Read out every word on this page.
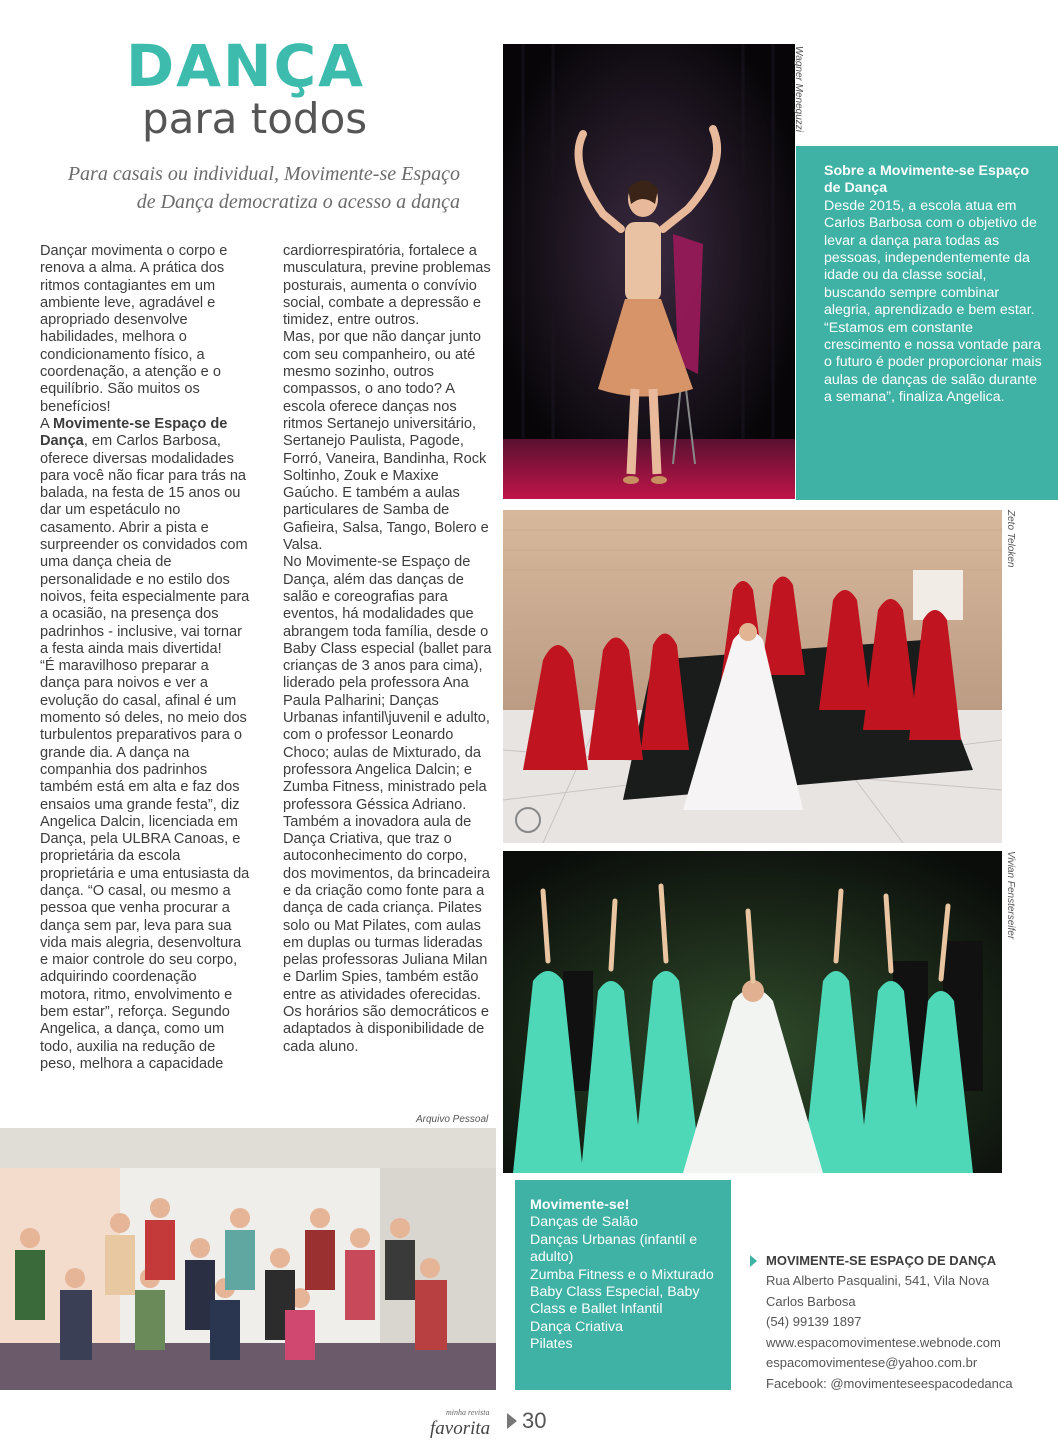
DANÇA
para todos
Para casais ou individual, Movimente-se Espaço de Dança democratiza o acesso a dança

Dançar movimenta o corpo e renova a alma. A prática dos ritmos contagiantes em um ambiente leve, agradável e apropriado desenvolve habilidades, melhora o condicionamento físico, a coordenação, a atenção e o equilíbrio. São muitos os benefícios!

A Movimente-se Espaço de Dança, em Carlos Barbosa, oferece diversas modalidades para você não ficar para trás na balada, na festa de 15 anos ou dar um espetáculo no casamento. Abrir a pista e surpreender os convidados com uma dança cheia de personalidade e no estilo dos noivos, feita especialmente para a ocasião, na presença dos padrinhos - inclusive, vai tornar a festa ainda mais divertida!

“É maravilhoso preparar a dança para noivos e ver a evolução do casal, afinal é um momento só deles, no meio dos turbulentos preparativos para o grande dia. A dança na companhia dos padrinhos também está em alta e faz dos ensaios uma grande festa”, diz Angelica Dalcin, licenciada em Dança, pela ULBRA Canoas, e proprietária da escola proprietária e uma entusiasta da dança. “O casal, ou mesmo a pessoa que venha procurar a dança sem par, leva para sua vida mais alegria, desenvoltura e maior controle do seu corpo, adquirindo coordenação motora, ritmo, envolvimento e bem estar”, reforça. Segundo Angelica, a dança, como um todo, auxilia na redução de peso, melhora a capacidade

cardiorrespiratória, fortalece a musculatura, previne problemas posturais, aumenta o convívio social, combate a depressão e timidez, entre outros.

Mas, por que não dançar junto com seu companheiro, ou até mesmo sozinho, outros compassos, o ano todo? A escola oferece danças nos ritmos Sertanejo universitário, Sertanejo Paulista, Pagode, Forró, Vaneira, Bandinha, Rock Soltinho, Zouk e Maxixe Gaúcho. E também a aulas particulares de Samba de Gafieira, Salsa, Tango, Bolero e Valsa.

No Movimente-se Espaço de Dança, além das danças de salão e coreografias para eventos, há modalidades que abrangem toda família, desde o Baby Class especial (ballet para crianças de 3 anos para cima), liderado pela professora Ana Paula Palharini; Danças Urbanas infantil\juvenil e adulto, com o professor Leonardo Choco; aulas de Mixturado, da professora Angelica Dalcin; e Zumba Fitness, ministrado pela professora Géssica Adriano. Também a inovadora aula de Dança Criativa, que traz o autoconhecimento do corpo, dos movimentos, da brincadeira e da criação como fonte para a dança de cada criança. Pilates solo ou Mat Pilates, com aulas em duplas ou turmas lideradas pelas professoras Juliana Milan e Darlim Spies, também estão entre as atividades oferecidas. Os horários são democráticos e adaptados à disponibilidade de cada aluno.

Wagner Meneguzzi
Sobre a Movimente-se Espaço de Dança

Desde 2015, a escola atua em Carlos Barbosa com o objetivo de levar a dança para todas as pessoas, independentemente da idade ou da classe social, buscando sempre combinar alegria, aprendizado e bem estar. “Estamos em constante crescimento e nossa vontade para o futuro é poder proporcionar mais aulas de danças de salão durante a semana”, finaliza Angelica.

Zeto Teloken
Vivian Fensterseifer
Arquivo Pessoal
Movimente-se!
Danças de Salão
Danças Urbanas (infantil e adulto)
Zumba Fitness e o Mixturado
Baby Class Especial, Baby Class e Ballet Infantil
Dança Criativa
Pilates
MOVIMENTE-SE ESPAÇO DE DANÇA
Rua Alberto Pasqualini, 541, Vila Nova
Carlos Barbosa
(54) 99139 1897
www.espacomovimentese.webnode.com
espacomovimentese@yahoo.com.br
Facebook: @movimenteseespacodedanca
minha revista
favorita 30
